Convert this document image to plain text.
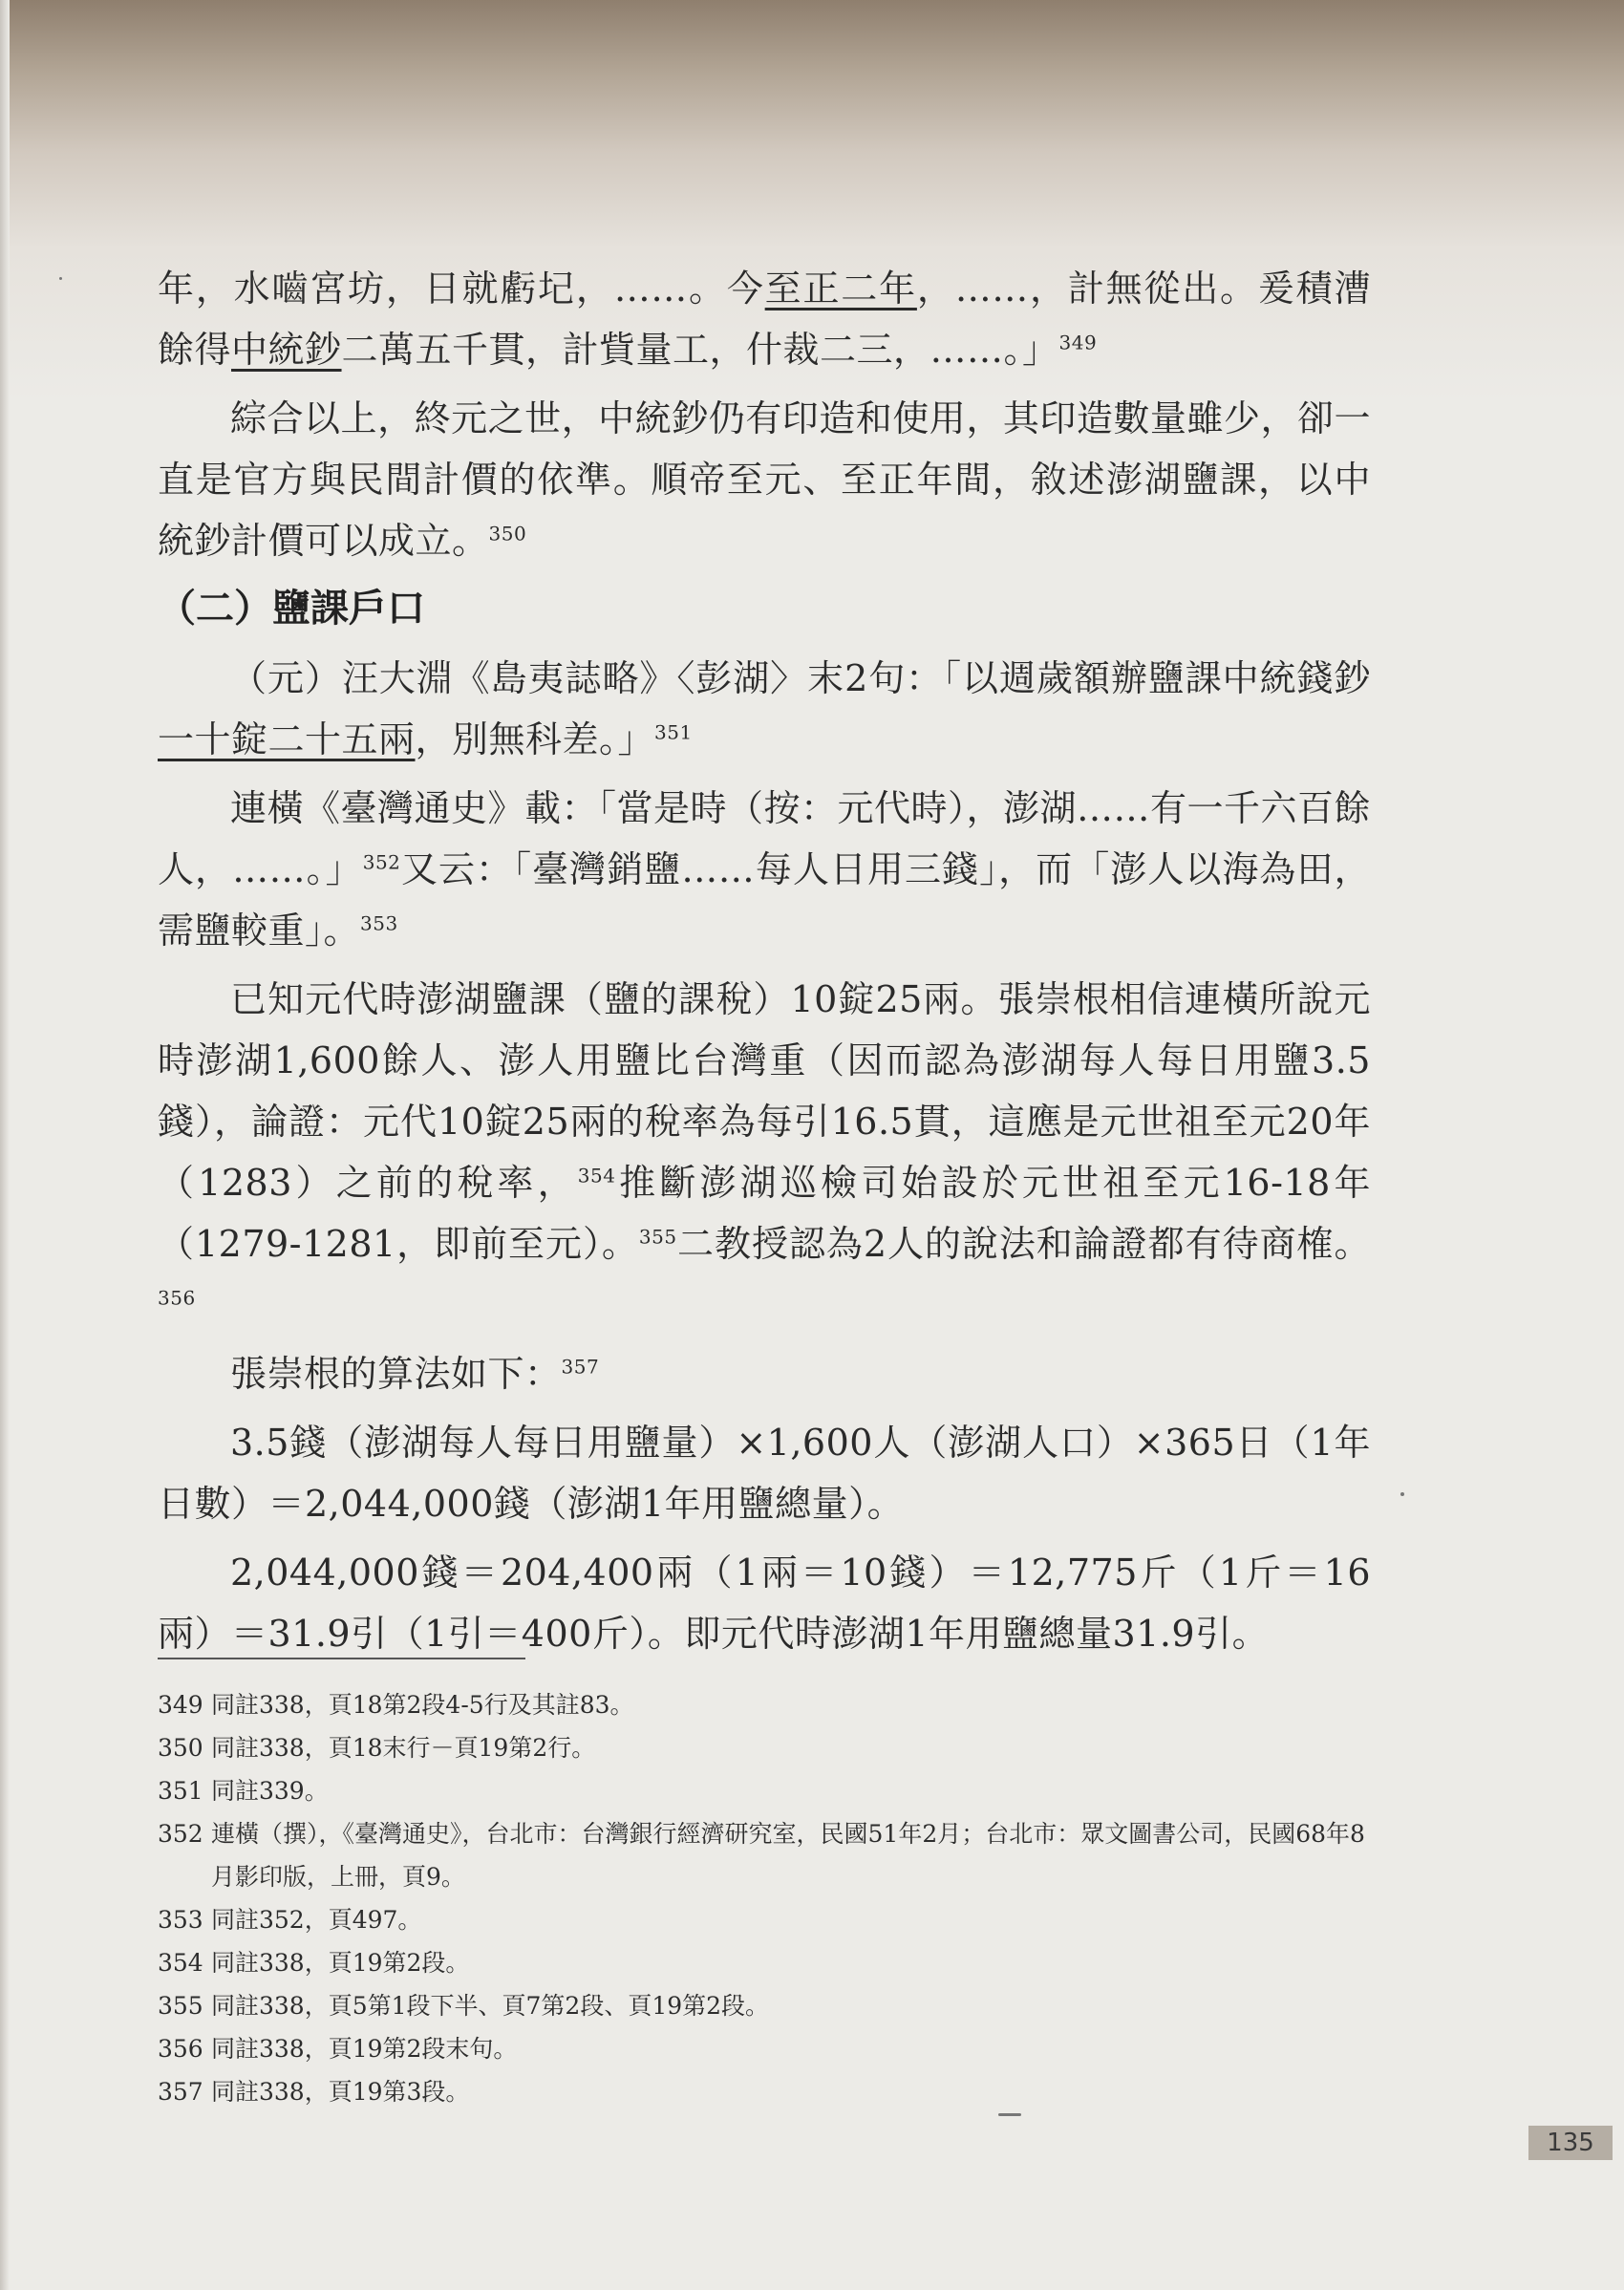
年，水嚙宮坊，日就虧圮，……。今至正二年，……，計無從出。爰積漕餘得中統鈔二萬五千貫，計貲量工，什裁二三，……。」$^{349}$

綜合以上，終元之世，中統鈔仍有印造和使用，其印造數量雖少，卻一直是官方與民間計價的依準。順帝至元、至正年間，敘述澎湖鹽課，以中統鈔計價可以成立。$^{350}$

（二）鹽課戶口

（元）汪大淵《島夷誌略》〈彭湖〉末2句：「以週歲額辦鹽課中統錢鈔一十錠二十五兩，別無科差。」$^{351}$

連橫《臺灣通史》載：「當是時（按：元代時），澎湖……有一千六百餘人，……。」$^{352}$又云：「臺灣銷鹽……每人日用三錢」，而「澎人以海為田，需鹽較重」。$^{353}$

已知元代時澎湖鹽課（鹽的課稅）10錠25兩。張崇根相信連橫所說元時澎湖1,600餘人、澎人用鹽比台灣重（因而認為澎湖每人每日用鹽3.5錢），論證：元代10錠25兩的稅率為每引16.5貫，這應是元世祖至元20年（1283）之前的稅率，$^{354}$推斷澎湖巡檢司始設於元世祖至元16-18年（1279-1281，即前至元）。$^{355}$二教授認為2人的說法和論證都有待商榷。$^{356}$

張崇根的算法如下：$^{357}$

3.5錢（澎湖每人每日用鹽量）×1,600人（澎湖人口）×365日（1年日數）＝2,044,000錢（澎湖1年用鹽總量）。

2,044,000錢＝204,400兩（1兩＝10錢）＝12,775斤（1斤＝16兩）＝31.9引（1引＝400斤）。即元代時澎湖1年用鹽總量31.9引。

349 同註338，頁18第2段4-5行及其註83。
350 同註338，頁18末行－頁19第2行。
351 同註339。
352 連橫（撰），《臺灣通史》，台北市：台灣銀行經濟研究室，民國51年2月；台北市：眾文圖書公司，民國68年8月影印版，上冊，頁9。
353 同註352，頁497。
354 同註338，頁19第2段。
355 同註338，頁5第1段下半、頁7第2段、頁19第2段。
356 同註338，頁19第2段末句。
357 同註338，頁19第3段。
135
